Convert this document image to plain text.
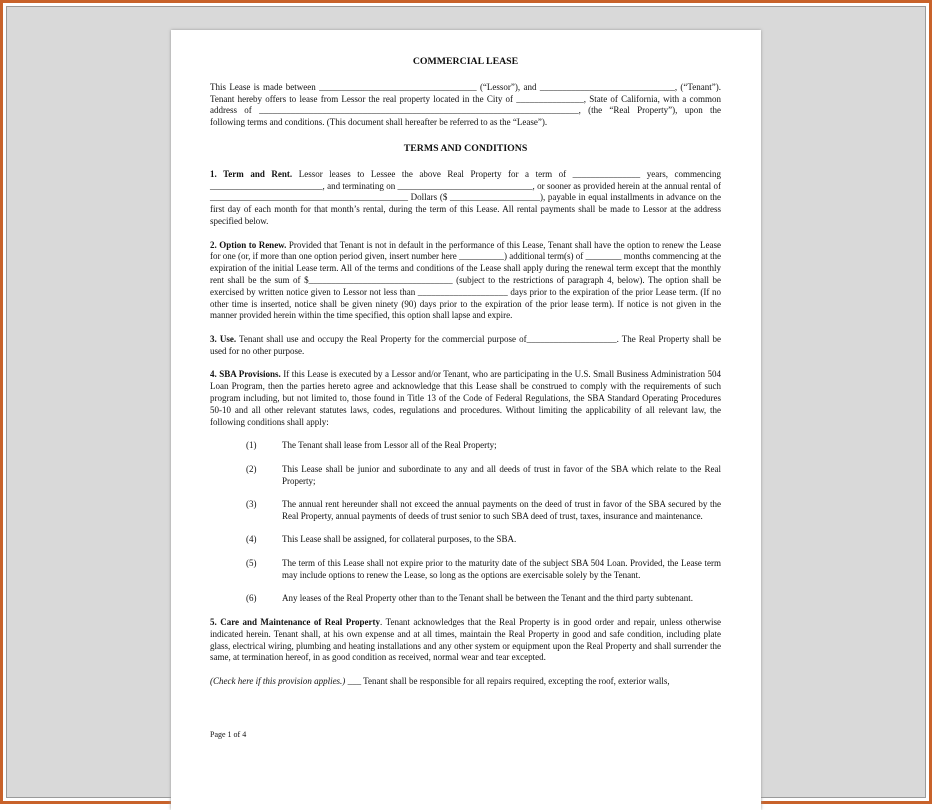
COMMERCIAL LEASE

This Lease is made between ___________________________________ (“Lessor”), and ______________________________, (“Tenant”). Tenant hereby offers to lease from Lessor the real property located in the City of _______________, State of California, with a common address of _______________________________________________________________________, (the “Real Property”), upon the following terms and conditions. (This document shall hereafter be referred to as the “Lease”).

TERMS AND CONDITIONS

1. Term and Rent. Lessor leases to Lessee the above Real Property for a term of _______________ years, commencing _________________________, and terminating on ______________________________, or sooner as provided herein at the annual rental of ____________________________________________ Dollars ($ ____________________), payable in equal installments in advance on the first day of each month for that month’s rental, during the term of this Lease. All rental payments shall be made to Lessor at the address specified below.

2. Option to Renew. Provided that Tenant is not in default in the performance of this Lease, Tenant shall have the option to renew the Lease for one (or, if more than one option period given, insert number here __________) additional term(s) of ________ months commencing at the expiration of the initial Lease term. All of the terms and conditions of the Lease shall apply during the renewal term except that the monthly rent shall be the sum of $________________________________ (subject to the restrictions of paragraph 4, below). The option shall be exercised by written notice given to Lessor not less than ____________________ days prior to the expiration of the prior Lease term. (If no other time is inserted, notice shall be given ninety (90) days prior to the expiration of the prior lease term). If notice is not given in the manner provided herein within the time specified, this option shall lapse and expire.

3. Use. Tenant shall use and occupy the Real Property for the commercial purpose of____________________. The Real Property shall be used for no other purpose.

4. SBA Provisions. If this Lease is executed by a Lessor and/or Tenant, who are participating in the U.S. Small Business Administration 504 Loan Program, then the parties hereto agree and acknowledge that this Lease shall be construed to comply with the requirements of such program including, but not limited to, those found in Title 13 of the Code of Federal Regulations, the SBA Standard Operating Procedures 50-10 and all other relevant statutes laws, codes, regulations and procedures. Without limiting the applicability of all relevant law, the following conditions shall apply:

(1)	The Tenant shall lease from Lessor all of the Real Property;
(2)	This Lease shall be junior and subordinate to any and all deeds of trust in favor of the SBA which relate to the Real Property;
(3)	The annual rent hereunder shall not exceed the annual payments on the deed of trust in favor of the SBA secured by the Real Property, annual payments of deeds of trust senior to such SBA deed of trust, taxes, insurance and maintenance.
(4)	This Lease shall be assigned, for collateral purposes, to the SBA.
(5)	The term of this Lease shall not expire prior to the maturity date of the subject SBA 504 Loan. Provided, the Lease term may include options to renew the Lease, so long as the options are exercisable solely by the Tenant.
(6)	Any leases of the Real Property other than to the Tenant shall be between the Tenant and the third party subtenant.

5. Care and Maintenance of Real Property. Tenant acknowledges that the Real Property is in good order and repair, unless otherwise indicated herein. Tenant shall, at his own expense and at all times, maintain the Real Property in good and safe condition, including plate glass, electrical wiring, plumbing and heating installations and any other system or equipment upon the Real Property and shall surrender the same, at termination hereof, in as good condition as received, normal wear and tear excepted.

(Check here if this provision applies.) ___ Tenant shall be responsible for all repairs required, excepting the roof, exterior walls,

Page 1 of 4
